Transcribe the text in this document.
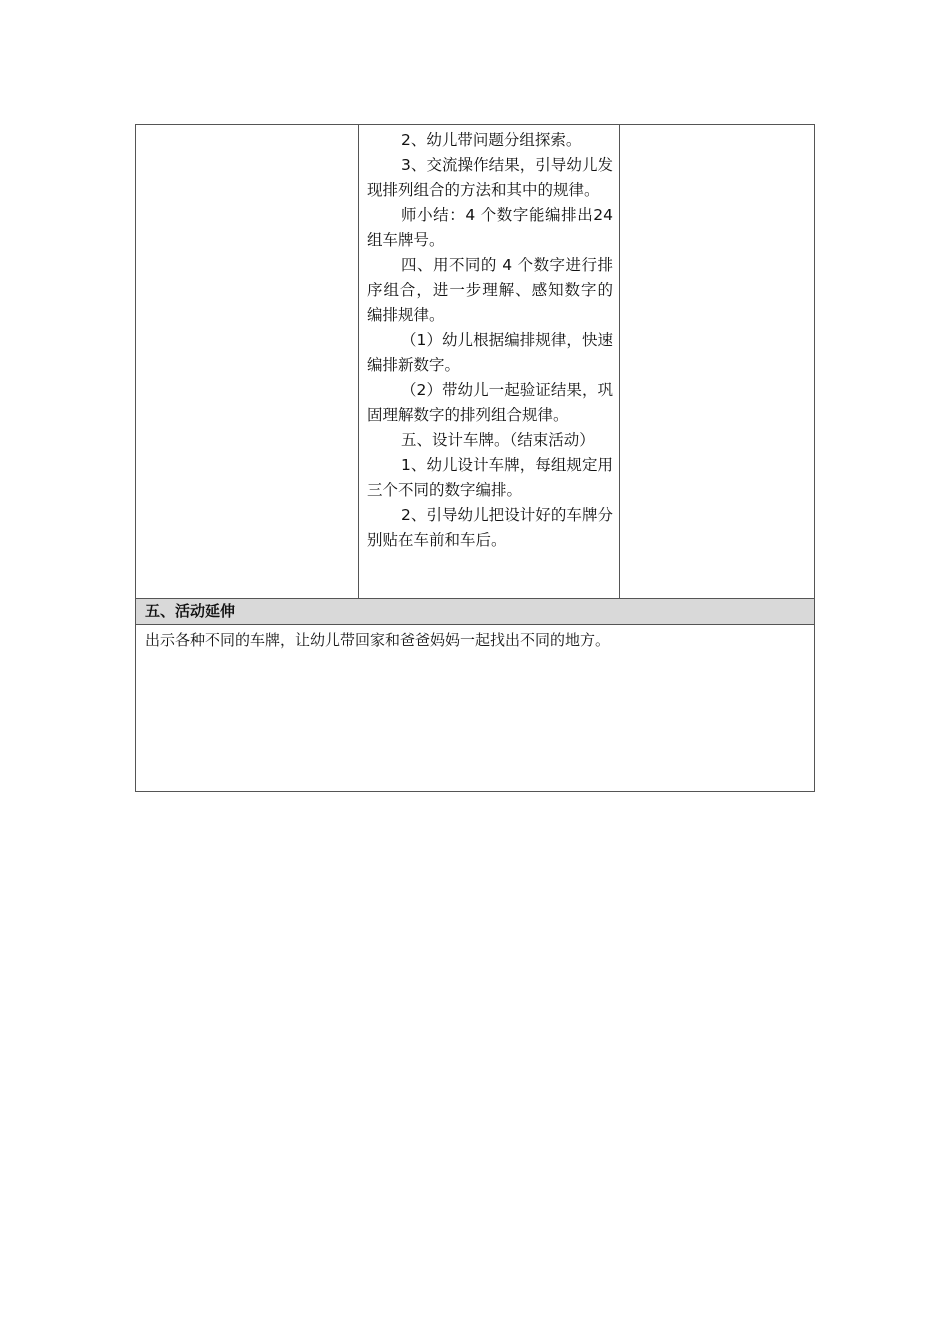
2、幼儿带问题分组探索。

3、交流操作结果，引导幼儿发现排列组合的方法和其中的规律。

师小结：4 个数字能编排出24 组车牌号。

四、用不同的 4 个数字进行排序组合，进一步理解、感知数字的编排规律。

（1）幼儿根据编排规律，快速编排新数字。

（2）带幼儿一起验证结果，巩固理解数字的排列组合规律。

五、设计车牌。（结束活动）

1、幼儿设计车牌，每组规定用三个不同的数字编排。

2、引导幼儿把设计好的车牌分别贴在车前和车后。

五、活动延伸
出示各种不同的车牌，让幼儿带回家和爸爸妈妈一起找出不同的地方。
